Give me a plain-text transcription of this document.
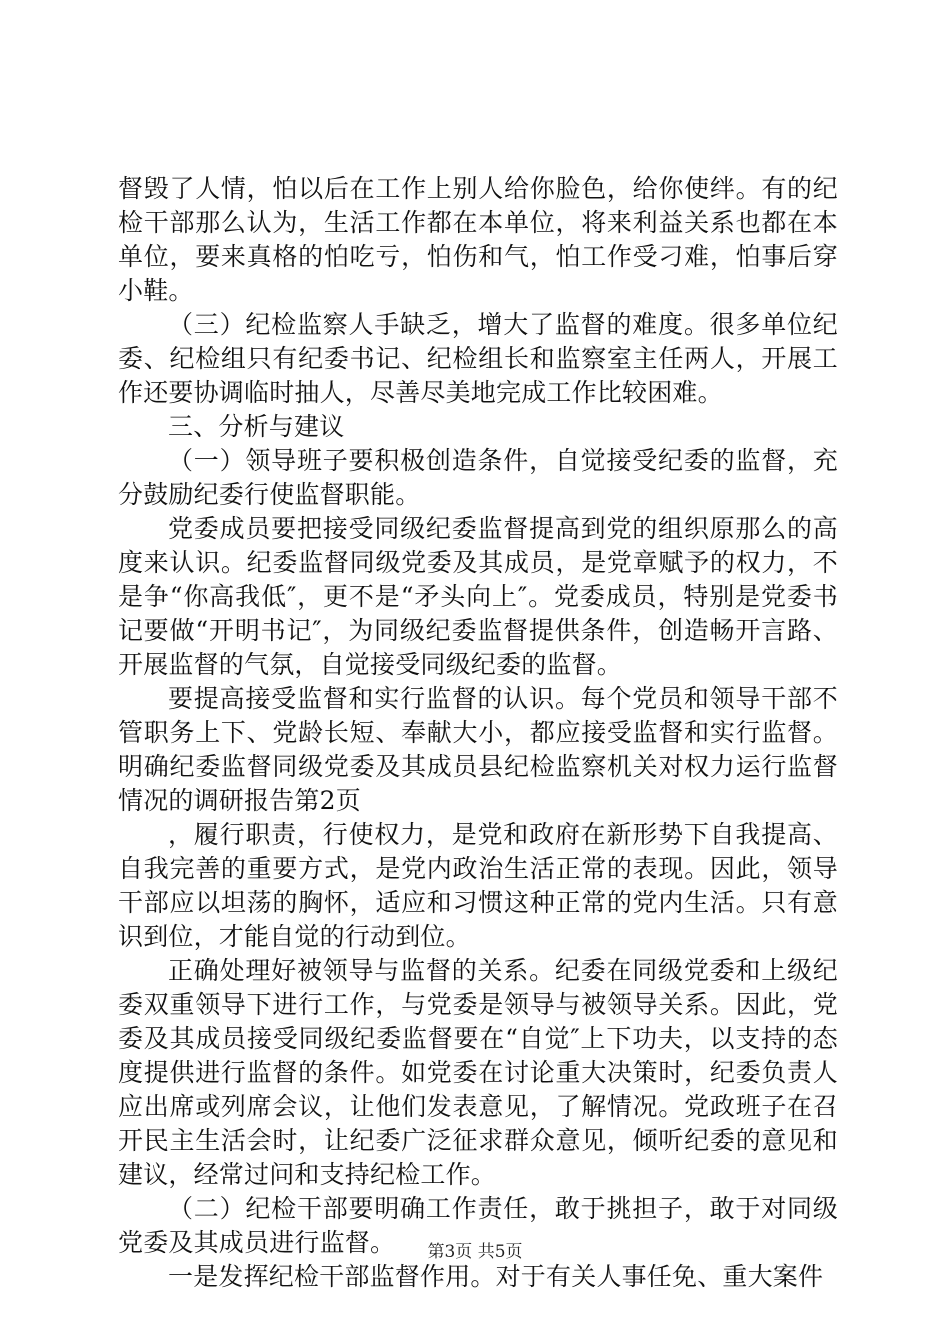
督毁了人情，怕以后在工作上别人给你脸色，给你使绊。有的纪检干部那么认为，生活工作都在本单位，将来利益关系也都在本单位，要来真格的怕吃亏，怕伤和气，怕工作受刁难，怕事后穿小鞋。

（三）纪检监察人手缺乏，增大了监督的难度。很多单位纪委、纪检组只有纪委书记、纪检组长和监察室主任两人，开展工作还要协调临时抽人，尽善尽美地完成工作比较困难。

三、分析与建议

（一）领导班子要积极创造条件，自觉接受纪委的监督，充分鼓励纪委行使监督职能。

党委成员要把接受同级纪委监督提高到党的组织原那么的高度来认识。纪委监督同级党委及其成员，是党章赋予的权力，不是争“你高我低″，更不是“矛头向上″。党委成员，特别是党委书记要做“开明书记″，为同级纪委监督提供条件，创造畅开言路、开展监督的气氛，自觉接受同级纪委的监督。

要提高接受监督和实行监督的认识。每个党员和领导干部不管职务上下、党龄长短、奉献大小，都应接受监督和实行监督。明确纪委监督同级党委及其成员县纪检监察机关对权力运行监督情况的调研报告第2页

，履行职责，行使权力，是党和政府在新形势下自我提高、自我完善的重要方式，是党内政治生活正常的表现。因此，领导干部应以坦荡的胸怀，适应和习惯这种正常的党内生活。只有意识到位，才能自觉的行动到位。

正确处理好被领导与监督的关系。纪委在同级党委和上级纪委双重领导下进行工作，与党委是领导与被领导关系。因此，党委及其成员接受同级纪委监督要在“自觉″上下功夫，以支持的态度提供进行监督的条件。如党委在讨论重大决策时，纪委负责人应出席或列席会议，让他们发表意见，了解情况。党政班子在召开民主生活会时，让纪委广泛征求群众意见，倾听纪委的意见和建议，经常过问和支持纪检工作。

（二）纪检干部要明确工作责任，敢于挑担子，敢于对同级党委及其成员进行监督。

一是发挥纪检干部监督作用。对于有关人事任免、重大案件

第3页 共5页
